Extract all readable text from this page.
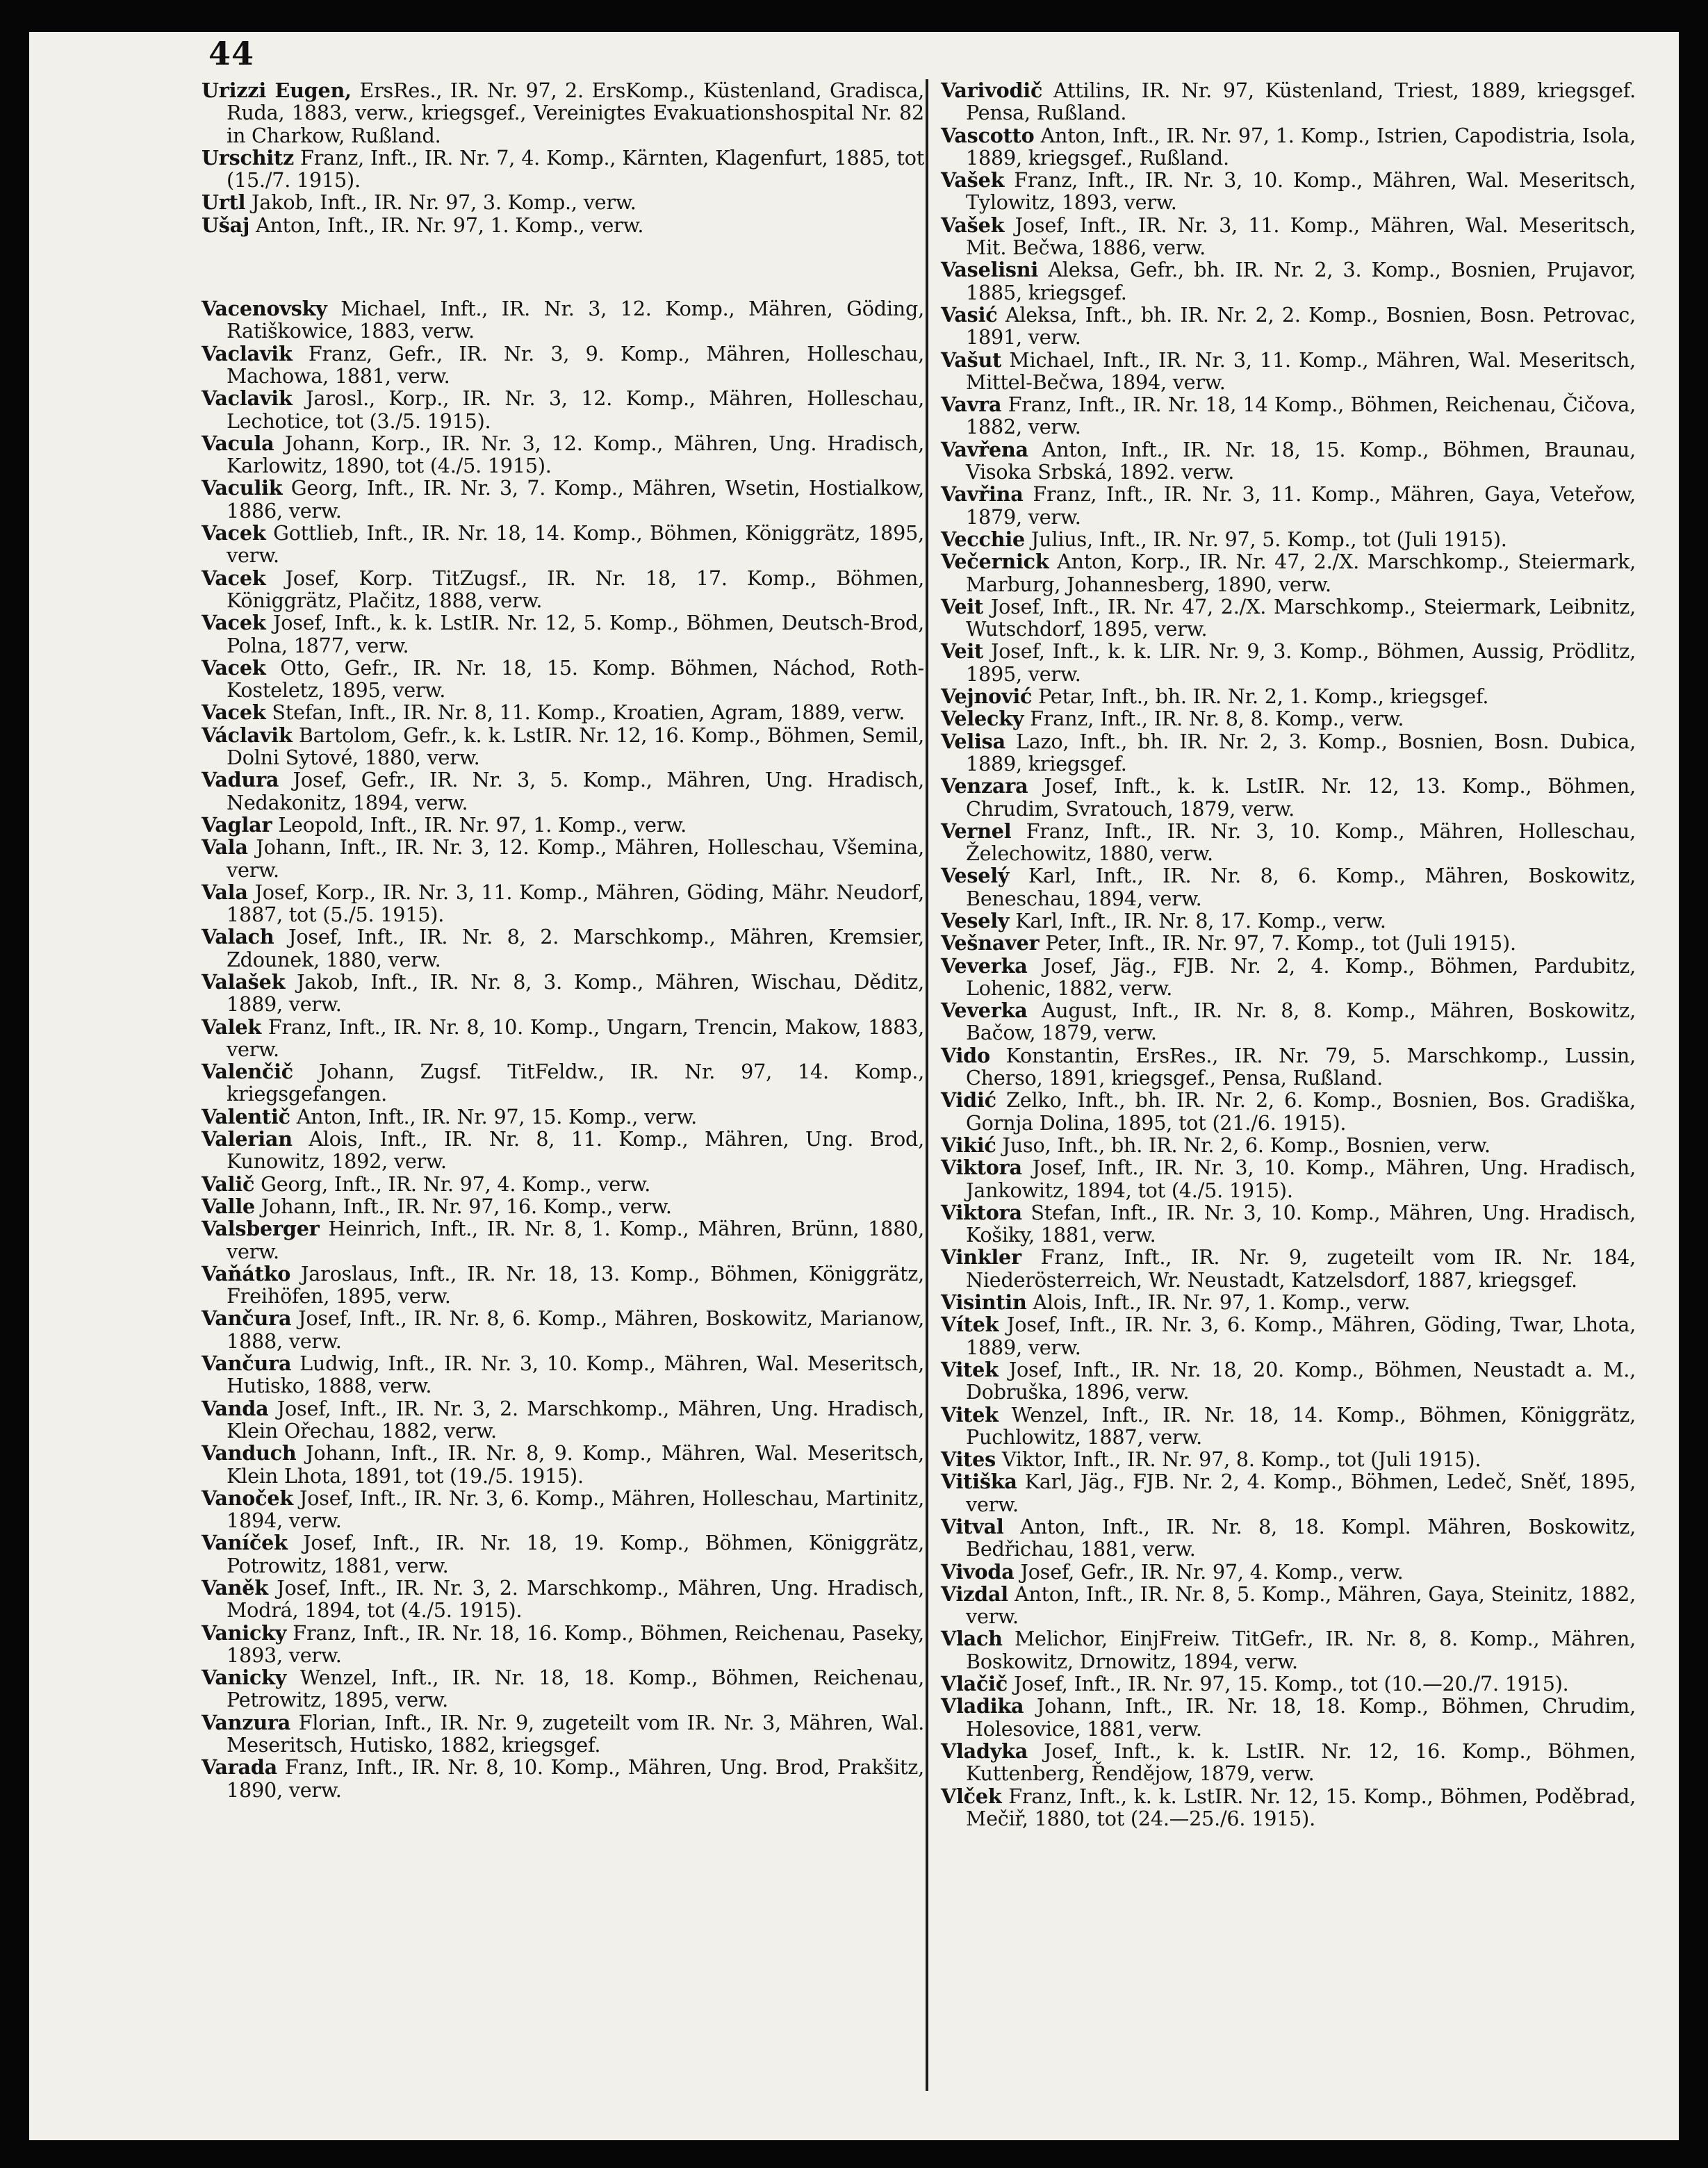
44

Urizzi Eugen, ErsRes., IR. Nr. 97, 2. ErsKomp., Küstenland, Gradisca, Ruda, 1883, verw., kriegsgef., Vereinigtes Evakuationshospital Nr. 82 in Charkow, Rußland.

Urschitz Franz, Inft., IR. Nr. 7, 4. Komp., Kärnten, Klagenfurt, 1885, tot (15./7. 1915).

Urtl Jakob, Inft., IR. Nr. 97, 3. Komp., verw.

Ušaj Anton, Inft., IR. Nr. 97, 1. Komp., verw.

Vacenovsky Michael, Inft., IR. Nr. 3, 12. Komp., Mähren, Göding, Ratiškowice, 1883, verw.

Vaclavik Franz, Gefr., IR. Nr. 3, 9. Komp., Mähren, Holleschau, Machowa, 1881, verw.

Vaclavik Jarosl., Korp., IR. Nr. 3, 12. Komp., Mähren, Holleschau, Lechotice, tot (3./5. 1915).

Vacula Johann, Korp., IR. Nr. 3, 12. Komp., Mähren, Ung. Hradisch, Karlowitz, 1890, tot (4./5. 1915).

Vaculik Georg, Inft., IR. Nr. 3, 7. Komp., Mähren, Wsetin, Hostialkow, 1886, verw.

Vacek Gottlieb, Inft., IR. Nr. 18, 14. Komp., Böhmen, Königgrätz, 1895, verw.

Vacek Josef, Korp. TitZugsf., IR. Nr. 18, 17. Komp., Böhmen, Königgrätz, Plačitz, 1888, verw.

Vacek Josef, Inft., k. k. LstIR. Nr. 12, 5. Komp., Böhmen, Deutsch-Brod, Polna, 1877, verw.

Vacek Otto, Gefr., IR. Nr. 18, 15. Komp. Böhmen, Náchod, Roth-Kosteletz, 1895, verw.

Vacek Stefan, Inft., IR. Nr. 8, 11. Komp., Kroatien, Agram, 1889, verw.

Václavik Bartolom, Gefr., k. k. LstIR. Nr. 12, 16. Komp., Böhmen, Semil, Dolni Sytové, 1880, verw.

Vadura Josef, Gefr., IR. Nr. 3, 5. Komp., Mähren, Ung. Hradisch, Nedakonitz, 1894, verw.

Vaglar Leopold, Inft., IR. Nr. 97, 1. Komp., verw.

Vala Johann, Inft., IR. Nr. 3, 12. Komp., Mähren, Holleschau, Všemina, verw.

Vala Josef, Korp., IR. Nr. 3, 11. Komp., Mähren, Göding, Mähr. Neudorf, 1887, tot (5./5. 1915).

Valach Josef, Inft., IR. Nr. 8, 2. Marschkomp., Mähren, Kremsier, Zdounek, 1880, verw.

Valašek Jakob, Inft., IR. Nr. 8, 3. Komp., Mähren, Wischau, Děditz, 1889, verw.

Valek Franz, Inft., IR. Nr. 8, 10. Komp., Ungarn, Trencin, Makow, 1883, verw.

Valenčič Johann, Zugsf. TitFeldw., IR. Nr. 97, 14. Komp., kriegsgefangen.

Valentič Anton, Inft., IR. Nr. 97, 15. Komp., verw.

Valerian Alois, Inft., IR. Nr. 8, 11. Komp., Mähren, Ung. Brod, Kunowitz, 1892, verw.

Valič Georg, Inft., IR. Nr. 97, 4. Komp., verw.

Valle Johann, Inft., IR. Nr. 97, 16. Komp., verw.

Valsberger Heinrich, Inft., IR. Nr. 8, 1. Komp., Mähren, Brünn, 1880, verw.

Vaňátko Jaroslaus, Inft., IR. Nr. 18, 13. Komp., Böhmen, Königgrätz, Freihöfen, 1895, verw.

Vančura Josef, Inft., IR. Nr. 8, 6. Komp., Mähren, Boskowitz, Marianow, 1888, verw.

Vančura Ludwig, Inft., IR. Nr. 3, 10. Komp., Mähren, Wal. Meseritsch, Hutisko, 1888, verw.

Vanda Josef, Inft., IR. Nr. 3, 2. Marschkomp., Mähren, Ung. Hradisch, Klein Ořechau, 1882, verw.

Vanduch Johann, Inft., IR. Nr. 8, 9. Komp., Mähren, Wal. Meseritsch, Klein Lhota, 1891, tot (19./5. 1915).

Vanoček Josef, Inft., IR. Nr. 3, 6. Komp., Mähren, Holleschau, Martinitz, 1894, verw.

Vaníček Josef, Inft., IR. Nr. 18, 19. Komp., Böhmen, Königgrätz, Potrowitz, 1881, verw.

Vaněk Josef, Inft., IR. Nr. 3, 2. Marschkomp., Mähren, Ung. Hradisch, Modrá, 1894, tot (4./5. 1915).

Vanicky Franz, Inft., IR. Nr. 18, 16. Komp., Böhmen, Reichenau, Paseky, 1893, verw.

Vanicky Wenzel, Inft., IR. Nr. 18, 18. Komp., Böhmen, Reichenau, Petrowitz, 1895, verw.

Vanzura Florian, Inft., IR. Nr. 9, zugeteilt vom IR. Nr. 3, Mähren, Wal. Meseritsch, Hutisko, 1882, kriegsgef.

Varada Franz, Inft., IR. Nr. 8, 10. Komp., Mähren, Ung. Brod, Prakšitz, 1890, verw.

Varivodič Attilins, IR. Nr. 97, Küstenland, Triest, 1889, kriegsgef. Pensa, Rußland.

Vascotto Anton, Inft., IR. Nr. 97, 1. Komp., Istrien, Capodistria, Isola, 1889, kriegsgef., Rußland.

Vašek Franz, Inft., IR. Nr. 3, 10. Komp., Mähren, Wal. Meseritsch, Tylowitz, 1893, verw.

Vašek Josef, Inft., IR. Nr. 3, 11. Komp., Mähren, Wal. Meseritsch, Mit. Bečwa, 1886, verw.

Vaselisni Aleksa, Gefr., bh. IR. Nr. 2, 3. Komp., Bosnien, Prujavor, 1885, kriegsgef.

Vasić Aleksa, Inft., bh. IR. Nr. 2, 2. Komp., Bosnien, Bosn. Petrovac, 1891, verw.

Vašut Michael, Inft., IR. Nr. 3, 11. Komp., Mähren, Wal. Meseritsch, Mittel-Bečwa, 1894, verw.

Vavra Franz, Inft., IR. Nr. 18, 14 Komp., Böhmen, Reichenau, Čičova, 1882, verw.

Vavřena Anton, Inft., IR. Nr. 18, 15. Komp., Böhmen, Braunau, Visoka Srbská, 1892. verw.

Vavřina Franz, Inft., IR. Nr. 3, 11. Komp., Mähren, Gaya, Veteřow, 1879, verw.

Vecchie Julius, Inft., IR. Nr. 97, 5. Komp., tot (Juli 1915).

Večernick Anton, Korp., IR. Nr. 47, 2./X. Marschkomp., Steiermark, Marburg, Johannesberg, 1890, verw.

Veit Josef, Inft., IR. Nr. 47, 2./X. Marschkomp., Steiermark, Leibnitz, Wutschdorf, 1895, verw.

Veit Josef, Inft., k. k. LIR. Nr. 9, 3. Komp., Böhmen, Aussig, Prödlitz, 1895, verw.

Vejnović Petar, Inft., bh. IR. Nr. 2, 1. Komp., kriegsgef.

Velecky Franz, Inft., IR. Nr. 8, 8. Komp., verw.

Velisa Lazo, Inft., bh. IR. Nr. 2, 3. Komp., Bosnien, Bosn. Dubica, 1889, kriegsgef.

Venzara Josef, Inft., k. k. LstIR. Nr. 12, 13. Komp., Böhmen, Chrudim, Svratouch, 1879, verw.

Vernel Franz, Inft., IR. Nr. 3, 10. Komp., Mähren, Holleschau, Želechowitz, 1880, verw.

Veselý Karl, Inft., IR. Nr. 8, 6. Komp., Mähren, Boskowitz, Beneschau, 1894, verw.

Vesely Karl, Inft., IR. Nr. 8, 17. Komp., verw.

Vešnaver Peter, Inft., IR. Nr. 97, 7. Komp., tot (Juli 1915).

Veverka Josef, Jäg., FJB. Nr. 2, 4. Komp., Böhmen, Pardubitz, Lohenic, 1882, verw.

Veverka August, Inft., IR. Nr. 8, 8. Komp., Mähren, Boskowitz, Bačow, 1879, verw.

Vido Konstantin, ErsRes., IR. Nr. 79, 5. Marschkomp., Lussin, Cherso, 1891, kriegsgef., Pensa, Rußland.

Vidić Zelko, Inft., bh. IR. Nr. 2, 6. Komp., Bosnien, Bos. Gradiška, Gornja Dolina, 1895, tot (21./6. 1915).

Vikić Juso, Inft., bh. IR. Nr. 2, 6. Komp., Bosnien, verw.

Viktora Josef, Inft., IR. Nr. 3, 10. Komp., Mähren, Ung. Hradisch, Jankowitz, 1894, tot (4./5. 1915).

Viktora Stefan, Inft., IR. Nr. 3, 10. Komp., Mähren, Ung. Hradisch, Košiky, 1881, verw.

Vinkler Franz, Inft., IR. Nr. 9, zugeteilt vom IR. Nr. 184, Niederösterreich, Wr. Neustadt, Katzelsdorf, 1887, kriegsgef.

Visintin Alois, Inft., IR. Nr. 97, 1. Komp., verw.

Vítek Josef, Inft., IR. Nr. 3, 6. Komp., Mähren, Göding, Twar, Lhota, 1889, verw.

Vitek Josef, Inft., IR. Nr. 18, 20. Komp., Böhmen, Neustadt a. M., Dobruška, 1896, verw.

Vitek Wenzel, Inft., IR. Nr. 18, 14. Komp., Böhmen, Königgrätz, Puchlowitz, 1887, verw.

Vites Viktor, Inft., IR. Nr. 97, 8. Komp., tot (Juli 1915).

Vitiška Karl, Jäg., FJB. Nr. 2, 4. Komp., Böhmen, Ledeč, Sněť, 1895, verw.

Vitval Anton, Inft., IR. Nr. 8, 18. Kompl. Mähren, Boskowitz, Bedřichau, 1881, verw.

Vivoda Josef, Gefr., IR. Nr. 97, 4. Komp., verw.

Vizdal Anton, Inft., IR. Nr. 8, 5. Komp., Mähren, Gaya, Steinitz, 1882, verw.

Vlach Melichor, EinjFreiw. TitGefr., IR. Nr. 8, 8. Komp., Mähren, Boskowitz, Drnowitz, 1894, verw.

Vlačič Josef, Inft., IR. Nr. 97, 15. Komp., tot (10.—20./7. 1915).

Vladika Johann, Inft., IR. Nr. 18, 18. Komp., Böhmen, Chrudim, Holesovice, 1881, verw.

Vladyka Josef, Inft., k. k. LstIR. Nr. 12, 16. Komp., Böhmen, Kuttenberg, Řendějow, 1879, verw.

Vlček Franz, Inft., k. k. LstIR. Nr. 12, 15. Komp., Böhmen, Poděbrad, Mečiř, 1880, tot (24.—25./6. 1915).
